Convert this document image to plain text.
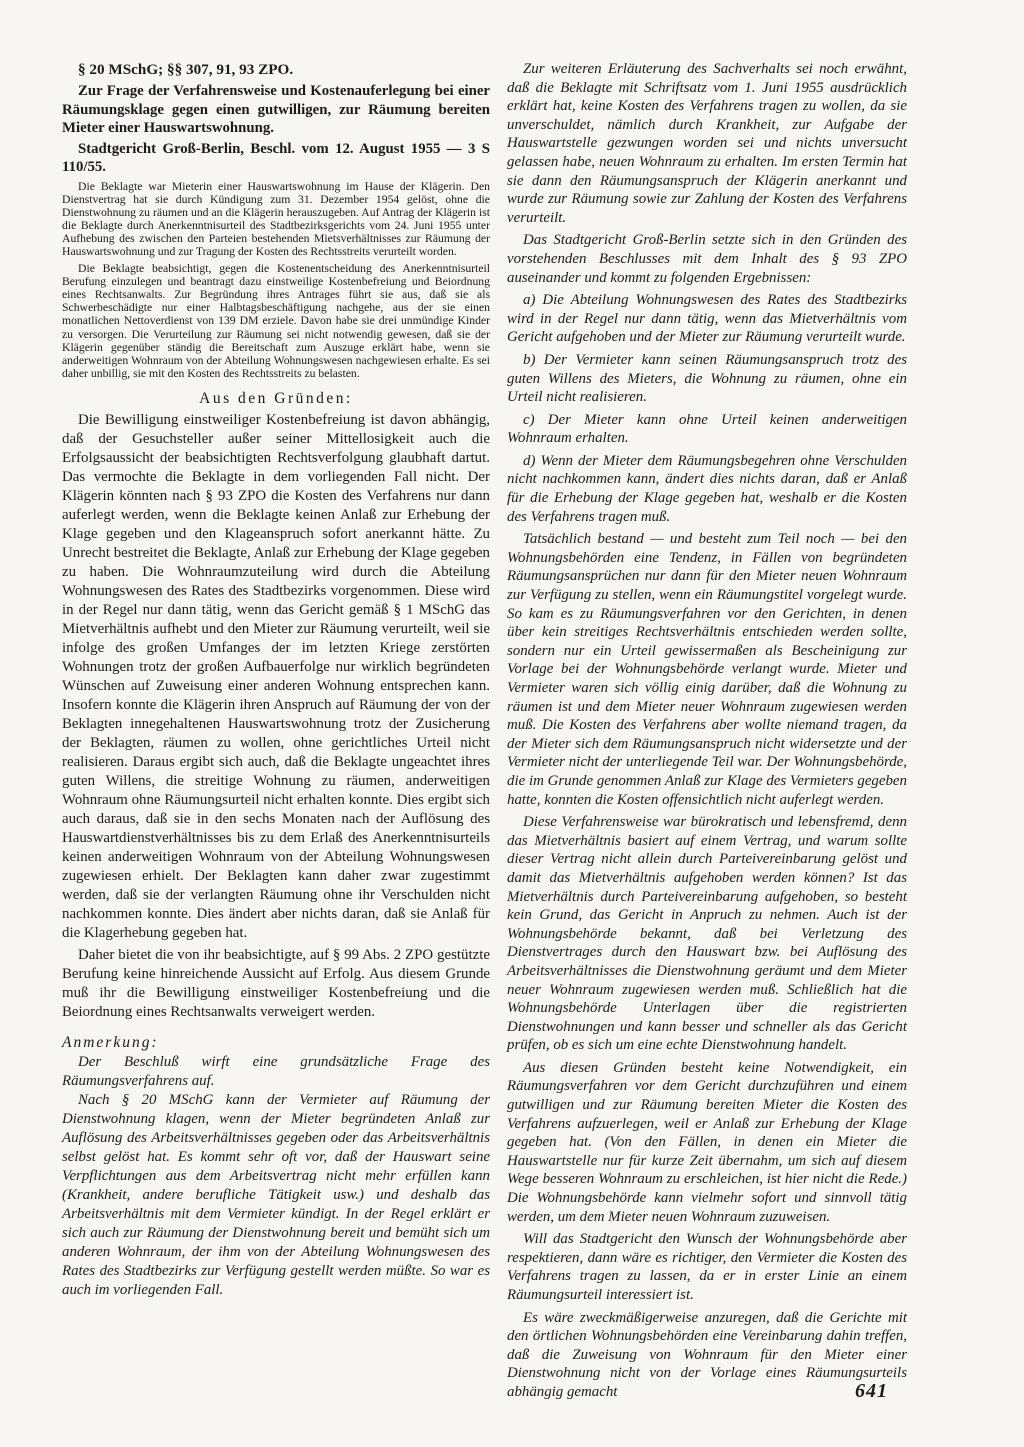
§ 20 MSchG; §§ 307, 91, 93 ZPO.

Zur Frage der Verfahrensweise und Kostenauferlegung bei einer Räumungsklage gegen einen gutwilligen, zur Räumung bereiten Mieter einer Hauswartswohnung.

Stadtgericht Groß-Berlin, Beschl. vom 12. August 1955 — 3 S 110/55.

Die Beklagte war Mieterin einer Hauswartswohnung im Hause der Klägerin. Den Dienstvertrag hat sie durch Kündigung zum 31. Dezember 1954 gelöst, ohne die Dienstwohnung zu räumen und an die Klägerin herauszugeben. Auf Antrag der Klägerin ist die Beklagte durch Anerkenntnisurteil des Stadtbezirksgerichts vom 24. Juni 1955 unter Aufhebung des zwischen den Parteien bestehenden Mietsverhältnisses zur Räumung der Hauswartswohnung und zur Tragung der Kosten des Rechtsstreits verurteilt worden.

Die Beklagte beabsichtigt, gegen die Kostenentscheidung des Anerkenntnisurteil Berufung einzulegen und beantragt dazu einstweilige Kostenbefreiung und Beiordnung eines Rechtsanwalts. Zur Begründung ihres Antrages führt sie aus, daß sie als Schwerbeschädigte nur einer Halbtagsbeschäftigung nachgehe, aus der sie einen monatlichen Nettoverdienst von 139 DM erziele. Davon habe sie drei unmündige Kinder zu versorgen. Die Verurteilung zur Räumung sei nicht notwendig gewesen, daß sie der Klägerin gegenüber ständig die Bereitschaft zum Auszuge erklärt habe, wenn sie anderweitigen Wohnraum von der Abteilung Wohnungswesen nachgewiesen erhalte. Es sei daher unbillig, sie mit den Kosten des Rechtsstreits zu belasten.

Aus den Gründen:

Die Bewilligung einstweiliger Kostenbefreiung ist davon abhängig, daß der Gesuchsteller außer seiner Mittellosigkeit auch die Erfolgsaussicht der beabsichtigten Rechtsverfolgung glaubhaft dartut. Das vermochte die Beklagte in dem vorliegenden Fall nicht. Der Klägerin könnten nach § 93 ZPO die Kosten des Verfahrens nur dann auferlegt werden, wenn die Beklagte keinen Anlaß zur Erhebung der Klage gegeben und den Klageanspruch sofort anerkannt hätte. Zu Unrecht bestreitet die Beklagte, Anlaß zur Erhebung der Klage gegeben zu haben. Die Wohnraumzuteilung wird durch die Abteilung Wohnungswesen des Rates des Stadtbezirks vorgenommen. Diese wird in der Regel nur dann tätig, wenn das Gericht gemäß § 1 MSchG das Mietverhältnis aufhebt und den Mieter zur Räumung verurteilt, weil sie infolge des großen Umfanges der im letzten Kriege zerstörten Wohnungen trotz der großen Aufbauerfolge nur wirklich begründeten Wünschen auf Zuweisung einer anderen Wohnung entsprechen kann. Insofern konnte die Klägerin ihren Anspruch auf Räumung der von der Beklagten innegehaltenen Hauswartswohnung trotz der Zusicherung der Beklagten, räumen zu wollen, ohne gerichtliches Urteil nicht realisieren. Daraus ergibt sich auch, daß die Beklagte ungeachtet ihres guten Willens, die streitige Wohnung zu räumen, anderweitigen Wohnraum ohne Räumungsurteil nicht erhalten konnte. Dies ergibt sich auch daraus, daß sie in den sechs Monaten nach der Auflösung des Hauswartdienstverhältnisses bis zu dem Erlaß des Anerkenntnisurteils keinen anderweitigen Wohnraum von der Abteilung Wohnungswesen zugewiesen erhielt. Der Beklagten kann daher zwar zugestimmt werden, daß sie der verlangten Räumung ohne ihr Verschulden nicht nachkommen konnte. Dies ändert aber nichts daran, daß sie Anlaß für die Klagerhebung gegeben hat.

Daher bietet die von ihr beabsichtigte, auf § 99 Abs. 2 ZPO gestützte Berufung keine hinreichende Aussicht auf Erfolg. Aus diesem Grunde muß ihr die Bewilligung einstweiliger Kostenbefreiung und die Beiordnung eines Rechtsanwalts verweigert werden.

Anmerkung:

Der Beschluß wirft eine grundsätzliche Frage des Räumungsverfahrens auf.

Nach § 20 MSchG kann der Vermieter auf Räumung der Dienstwohnung klagen, wenn der Mieter begründeten Anlaß zur Auflösung des Arbeitsverhältnisses gegeben oder das Arbeitsverhältnis selbst gelöst hat. Es kommt sehr oft vor, daß der Hauswart seine Verpflichtungen aus dem Arbeitsvertrag nicht mehr erfüllen kann (Krankheit, andere berufliche Tätigkeit usw.) und deshalb das Arbeitsverhältnis mit dem Vermieter kündigt. In der Regel erklärt er sich auch zur Räumung der Dienstwohnung bereit und bemüht sich um anderen Wohnraum, der ihm von der Abteilung Wohnungswesen des Rates des Stadtbezirks zur Verfügung gestellt werden müßte. So war es auch im vorliegenden Fall.

Zur weiteren Erläuterung des Sachverhalts sei noch erwähnt, daß die Beklagte mit Schriftsatz vom 1. Juni 1955 ausdrücklich erklärt hat, keine Kosten des Verfahrens tragen zu wollen, da sie unverschuldet, nämlich durch Krankheit, zur Aufgabe der Hauswartstelle gezwungen worden sei und nichts unversucht gelassen habe, neuen Wohnraum zu erhalten. Im ersten Termin hat sie dann den Räumungsanspruch der Klägerin anerkannt und wurde zur Räumung sowie zur Zahlung der Kosten des Verfahrens verurteilt.

Das Stadtgericht Groß-Berlin setzte sich in den Gründen des vorstehenden Beschlusses mit dem Inhalt des § 93 ZPO auseinander und kommt zu folgenden Ergebnissen:

a) Die Abteilung Wohnungswesen des Rates des Stadtbezirks wird in der Regel nur dann tätig, wenn das Mietverhältnis vom Gericht aufgehoben und der Mieter zur Räumung verurteilt wurde.

b) Der Vermieter kann seinen Räumungsanspruch trotz des guten Willens des Mieters, die Wohnung zu räumen, ohne ein Urteil nicht realisieren.

c) Der Mieter kann ohne Urteil keinen anderweitigen Wohnraum erhalten.

d) Wenn der Mieter dem Räumungsbegehren ohne Verschulden nicht nachkommen kann, ändert dies nichts daran, daß er Anlaß für die Erhebung der Klage gegeben hat, weshalb er die Kosten des Verfahrens tragen muß.

Tatsächlich bestand — und besteht zum Teil noch — bei den Wohnungsbehörden eine Tendenz, in Fällen von begründeten Räumungsansprüchen nur dann für den Mieter neuen Wohnraum zur Verfügung zu stellen, wenn ein Räumungstitel vorgelegt wurde. So kam es zu Räumungsverfahren vor den Gerichten, in denen über kein streitiges Rechtsverhältnis entschieden werden sollte, sondern nur ein Urteil gewissermaßen als Bescheinigung zur Vorlage bei der Wohnungsbehörde verlangt wurde. Mieter und Vermieter waren sich völlig einig darüber, daß die Wohnung zu räumen ist und dem Mieter neuer Wohnraum zugewiesen werden muß. Die Kosten des Verfahrens aber wollte niemand tragen, da der Mieter sich dem Räumungsanspruch nicht widersetzte und der Vermieter nicht der unterliegende Teil war. Der Wohnungsbehörde, die im Grunde genommen Anlaß zur Klage des Vermieters gegeben hatte, konnten die Kosten offensichtlich nicht auferlegt werden.

Diese Verfahrensweise war bürokratisch und lebensfremd, denn das Mietverhältnis basiert auf einem Vertrag, und warum sollte dieser Vertrag nicht allein durch Parteivereinbarung gelöst und damit das Mietverhältnis aufgehoben werden können? Ist das Mietverhältnis durch Parteivereinbarung aufgehoben, so besteht kein Grund, das Gericht in Anpruch zu nehmen. Auch ist der Wohnungsbehörde bekannt, daß bei Verletzung des Dienstvertrages durch den Hauswart bzw. bei Auflösung des Arbeitsverhältnisses die Dienstwohnung geräumt und dem Mieter neuer Wohnraum zugewiesen werden muß. Schließlich hat die Wohnungsbehörde Unterlagen über die registrierten Dienstwohnungen und kann besser und schneller als das Gericht prüfen, ob es sich um eine echte Dienstwohnung handelt.

Aus diesen Gründen besteht keine Notwendigkeit, ein Räumungsverfahren vor dem Gericht durchzuführen und einem gutwilligen und zur Räumung bereiten Mieter die Kosten des Verfahrens aufzuerlegen, weil er Anlaß zur Erhebung der Klage gegeben hat. (Von den Fällen, in denen ein Mieter die Hauswartstelle nur für kurze Zeit übernahm, um sich auf diesem Wege besseren Wohnraum zu erschleichen, ist hier nicht die Rede.) Die Wohnungsbehörde kann vielmehr sofort und sinnvoll tätig werden, um dem Mieter neuen Wohnraum zuzuweisen.

Will das Stadtgericht den Wunsch der Wohnungsbehörde aber respektieren, dann wäre es richtiger, den Vermieter die Kosten des Verfahrens tragen zu lassen, da er in erster Linie an einem Räumungsurteil interessiert ist.

Es wäre zweckmäßigerweise anzuregen, daß die Gerichte mit den örtlichen Wohnungsbehörden eine Vereinbarung dahin treffen, daß die Zuweisung von Wohnraum für den Mieter einer Dienstwohnung nicht von der Vorlage eines Räumungsurteils abhängig gemacht	641
